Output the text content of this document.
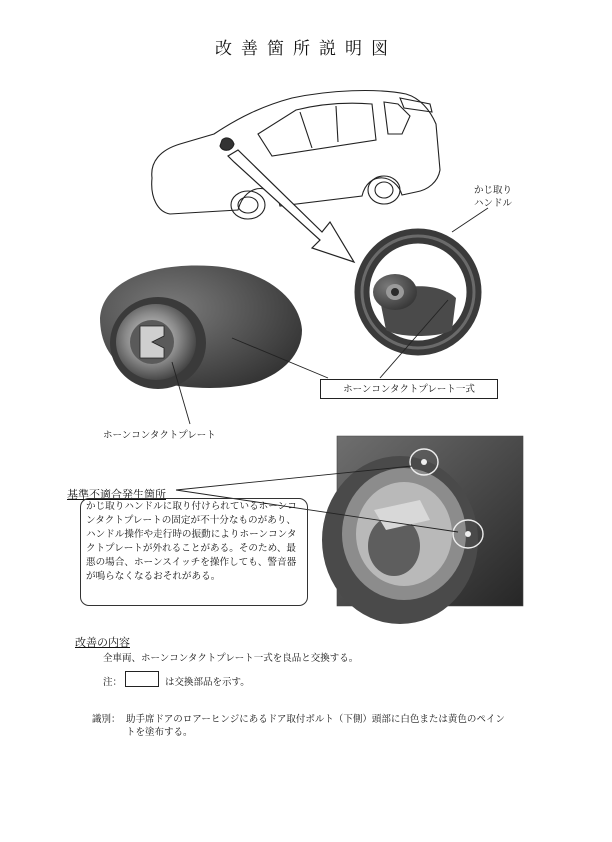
改善箇所説明図
かじ取り
ハンドル
ホーンコンタクトプレート一式
ホーンコンタクトプレート
基準不適合発生箇所
かじ取りハンドルに取り付けられているホーンコンタクトプレートの固定が不十分なものがあり、ハンドル操作や走行時の振動によりホーンコンタクトプレートが外れることがある。そのため、最悪の場合、ホーンスイッチを操作しても、警音器が鳴らなくなるおそれがある。
改善の内容
全車両、ホーンコンタクトプレート一式を良品と交換する。
注：	は交換部品を示す。
識別： 助手席ドアのロアーヒンジにあるドア取付ボルト（下側）頭部に白色または黄色のペイントを塗布する。
